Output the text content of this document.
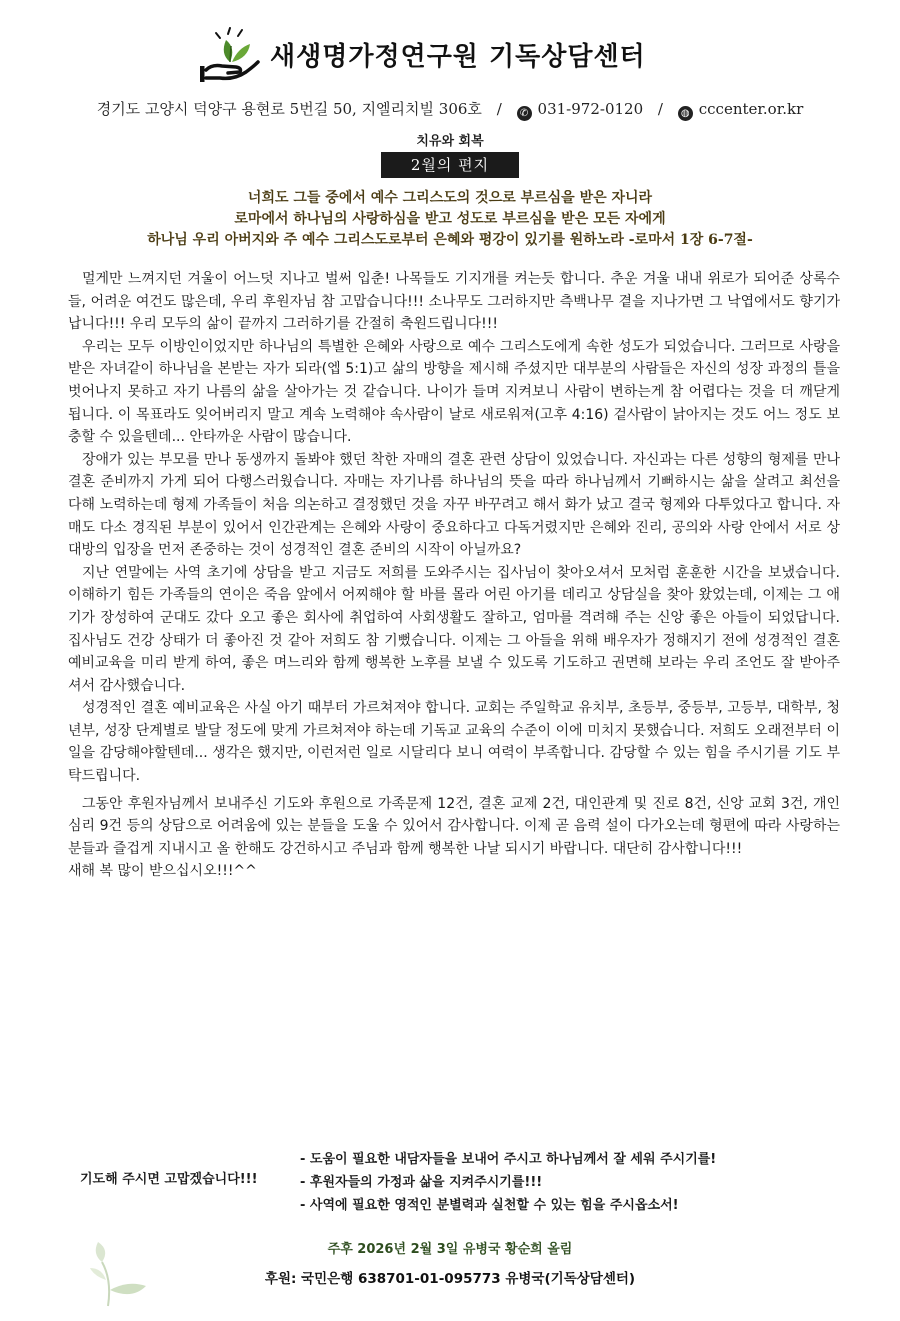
새생명가정연구원 기독상담센터
경기도 고양시 덕양구 용현로 5번길 50, 지엘리치빌 306호 / ✆ 031-972-0120 / ◍ cccenter.or.kr
치유와 회복
2월의 편지
너희도 그들 중에서 예수 그리스도의 것으로 부르심을 받은 자니라
로마에서 하나님의 사랑하심을 받고 성도로 부르심을 받은 모든 자에게
하나님 우리 아버지와 주 예수 그리스도로부터 은혜와 평강이 있기를 원하노라 -로마서 1장 6-7절-

멀게만 느껴지던 겨울이 어느덧 지나고 벌써 입춘! 나목들도 기지개를 켜는듯 합니다. 추운 겨울 내내 위로가 되어준 상록수들, 어려운 여건도 많은데, 우리 후원자님 참 고맙습니다!!! 소나무도 그러하지만 측백나무 곁을 지나가면 그 낙엽에서도 향기가 납니다!!! 우리 모두의 삶이 끝까지 그러하기를 간절히 축원드립니다!!!

우리는 모두 이방인이었지만 하나님의 특별한 은혜와 사랑으로 예수 그리스도에게 속한 성도가 되었습니다. 그러므로 사랑을 받은 자녀같이 하나님을 본받는 자가 되라(엡 5:1)고 삶의 방향을 제시해 주셨지만 대부분의 사람들은 자신의 성장 과정의 틀을 벗어나지 못하고 자기 나름의 삶을 살아가는 것 같습니다. 나이가 들며 지켜보니 사람이 변하는게 참 어렵다는 것을 더 깨닫게 됩니다. 이 목표라도 잊어버리지 말고 계속 노력해야 속사람이 날로 새로워져(고후 4:16) 겉사람이 낡아지는 것도 어느 정도 보충할 수 있을텐데... 안타까운 사람이 많습니다.

장애가 있는 부모를 만나 동생까지 돌봐야 했던 착한 자매의 결혼 관련 상담이 있었습니다. 자신과는 다른 성향의 형제를 만나 결혼 준비까지 가게 되어 다행스러웠습니다. 자매는 자기나름 하나님의 뜻을 따라 하나님께서 기뻐하시는 삶을 살려고 최선을 다해 노력하는데 형제 가족들이 처음 의논하고 결정했던 것을 자꾸 바꾸려고 해서 화가 났고 결국 형제와 다투었다고 합니다. 자매도 다소 경직된 부분이 있어서 인간관계는 은혜와 사랑이 중요하다고 다독거렸지만 은혜와 진리, 공의와 사랑 안에서 서로 상대방의 입장을 먼저 존중하는 것이 성경적인 결혼 준비의 시작이 아닐까요?

지난 연말에는 사역 초기에 상담을 받고 지금도 저희를 도와주시는 집사님이 찾아오셔서 모처럼 훈훈한 시간을 보냈습니다. 이해하기 힘든 가족들의 연이은 죽음 앞에서 어찌해야 할 바를 몰라 어린 아기를 데리고 상담실을 찾아 왔었는데, 이제는 그 애기가 장성하여 군대도 갔다 오고 좋은 회사에 취업하여 사회생활도 잘하고, 엄마를 격려해 주는 신앙 좋은 아들이 되었답니다. 집사님도 건강 상태가 더 좋아진 것 같아 저희도 참 기뻤습니다. 이제는 그 아들을 위해 배우자가 정해지기 전에 성경적인 결혼 예비교육을 미리 받게 하여, 좋은 며느리와 함께 행복한 노후를 보낼 수 있도록 기도하고 권면해 보라는 우리 조언도 잘 받아주셔서 감사했습니다.

성경적인 결혼 예비교육은 사실 아기 때부터 가르쳐져야 합니다. 교회는 주일학교 유치부, 초등부, 중등부, 고등부, 대학부, 청년부, 성장 단계별로 발달 정도에 맞게 가르쳐져야 하는데 기독교 교육의 수준이 이에 미치지 못했습니다. 저희도 오래전부터 이 일을 감당해야할텐데... 생각은 했지만, 이런저런 일로 시달리다 보니 여력이 부족합니다. 감당할 수 있는 힘을 주시기를 기도 부탁드립니다.

그동안 후원자님께서 보내주신 기도와 후원으로 가족문제 12건, 결혼 교제 2건, 대인관계 및 진로 8건, 신앙 교회 3건, 개인 심리 9건 등의 상담으로 어려움에 있는 분들을 도울 수 있어서 감사합니다. 이제 곧 음력 설이 다가오는데 형편에 따라 사랑하는 분들과 즐겁게 지내시고 올 한해도 강건하시고 주님과 함께 행복한 나날 되시기 바랍니다. 대단히 감사합니다!!!

새해 복 많이 받으십시오!!!^^

기도해 주시면 고맙겠습니다!!!
- 도움이 필요한 내담자들을 보내어 주시고 하나님께서 잘 세워 주시기를!
- 후원자들의 가정과 삶을 지켜주시기를!!!
- 사역에 필요한 영적인 분별력과 실천할 수 있는 힘을 주시옵소서!
주후 2026년 2월 3일 유병국 황순희 올림
후원: 국민은행 638701-01-095773 유병국(기독상담센터)
